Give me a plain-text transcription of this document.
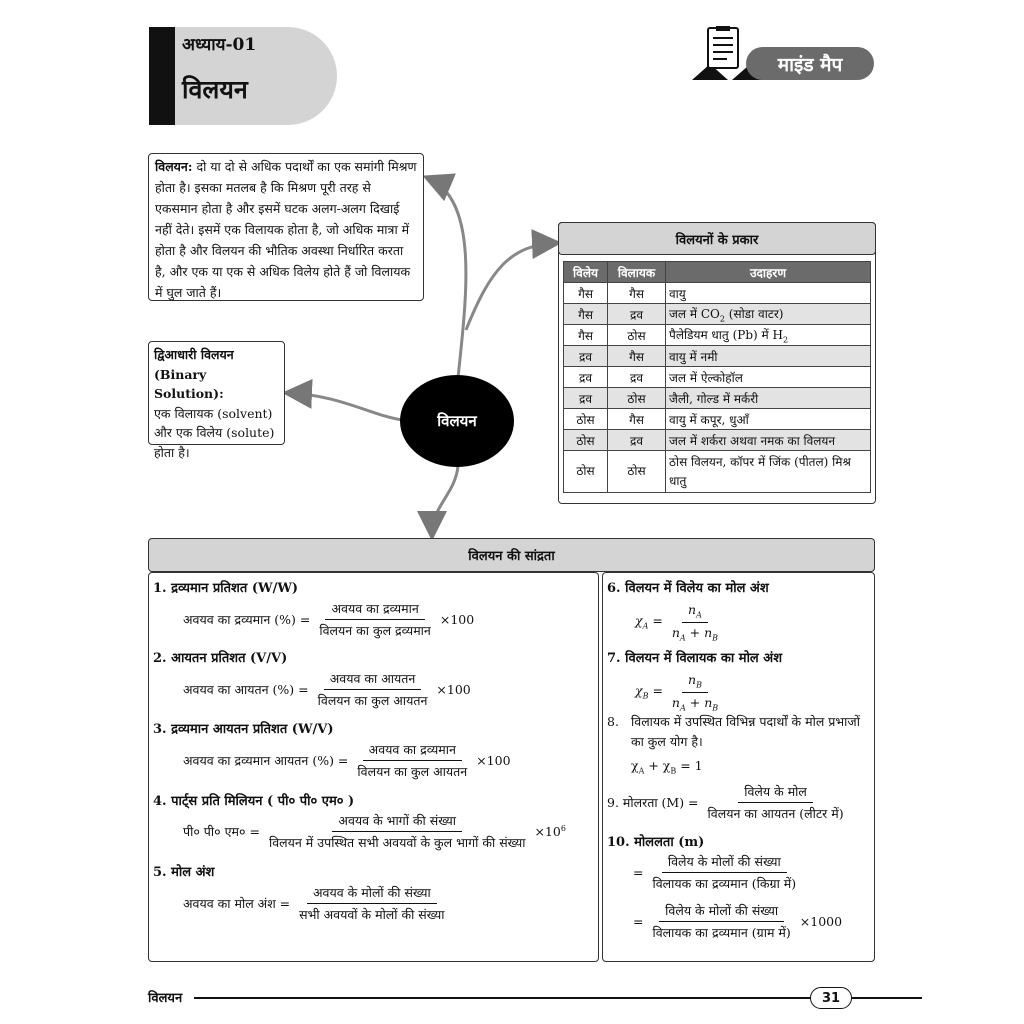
अध्याय-01
विलयन
माइंड मैप
विलयन: दो या दो से अधिक पदार्थों का एक समांगी मिश्रण होता है। इसका मतलब है कि मिश्रण पूरी तरह से एकसमान होता है और इसमें घटक अलग-अलग दिखाई नहीं देते। इसमें एक विलायक होता है, जो अधिक मात्रा में होता है और विलयन की भौतिक अवस्था निर्धारित करता है, और एक या एक से अधिक विलेय होते हैं जो विलायक में घुल जाते हैं।
द्विआधारी विलयन
(Binary Solution):
एक विलायक (solvent) और एक विलेय (solute) होता है।
विलयन
विलयनों के प्रकार
विलेय	विलायक	उदाहरण
गैस	गैस	वायु
गैस	द्रव	जल में $CO_2$ (सोडा वाटर)
गैस	ठोस	पैलेडियम धातु (Pb) में $H_2$
द्रव	गैस	वायु में नमी
द्रव	द्रव	जल में ऐल्कोहॉल
द्रव	ठोस	जैली, गोल्ड में मर्करी
ठोस	गैस	वायु में कपूर, धुआँ
ठोस	द्रव	जल में शर्करा अथवा नमक का विलयन
ठोस	ठोस	ठोस विलयन, कॉपर में जिंक (पीतल) मिश्र धातु
विलयन की सांद्रता
1. द्रव्यमान प्रतिशत (W/W)
अवयव का द्रव्यमान (%) = $\frac{\text{अवयव का द्रव्यमान}}{\text{विलयन का कुल द्रव्यमान}} \times 100$
2. आयतन प्रतिशत (V/V)
अवयव का आयतन (%) = $\frac{\text{अवयव का आयतन}}{\text{विलयन का कुल आयतन}} \times 100$
3. द्रव्यमान आयतन प्रतिशत (W/V)
अवयव का द्रव्यमान आयतन (%) = $\frac{\text{अवयव का द्रव्यमान}}{\text{विलयन का कुल आयतन}} \times 100$
4. पार्ट्स प्रति मिलियन ( पी० पी० एम० )
पी० पी० एम० = $\frac{\text{अवयव के भागों की संख्या}}{\text{विलयन में उपस्थित सभी अवयवों के कुल भागों की संख्या}} \times 10^6$
5. मोल अंश
अवयव का मोल अंश = $\frac{\text{अवयव के मोलों की संख्या}}{\text{सभी अवयवों के मोलों की संख्या}}$
6. विलयन में विलेय का मोल अंश
$\chi_A = \frac{n_A}{n_A + n_B}$
7. विलयन में विलायक का मोल अंश
$\chi_B = \frac{n_B}{n_A + n_B}$
8. विलायक में उपस्थित विभिन्न पदार्थों के मोल प्रभाजों का कुल योग है।
$\chi_A + \chi_B = 1$
9. मोलरता $(M) = \frac{\text{विलेय के मोल}}{\text{विलयन का आयतन (लीटर में)}}$
10. मोललता (m)
= $\frac{\text{विलेय के मोलों की संख्या}}{\text{विलायक का द्रव्यमान (किग्रा में)}}$
= $\frac{\text{विलेय के मोलों की संख्या}}{\text{विलायक का द्रव्यमान (ग्राम में)}} \times 1000$
विलयन	31
